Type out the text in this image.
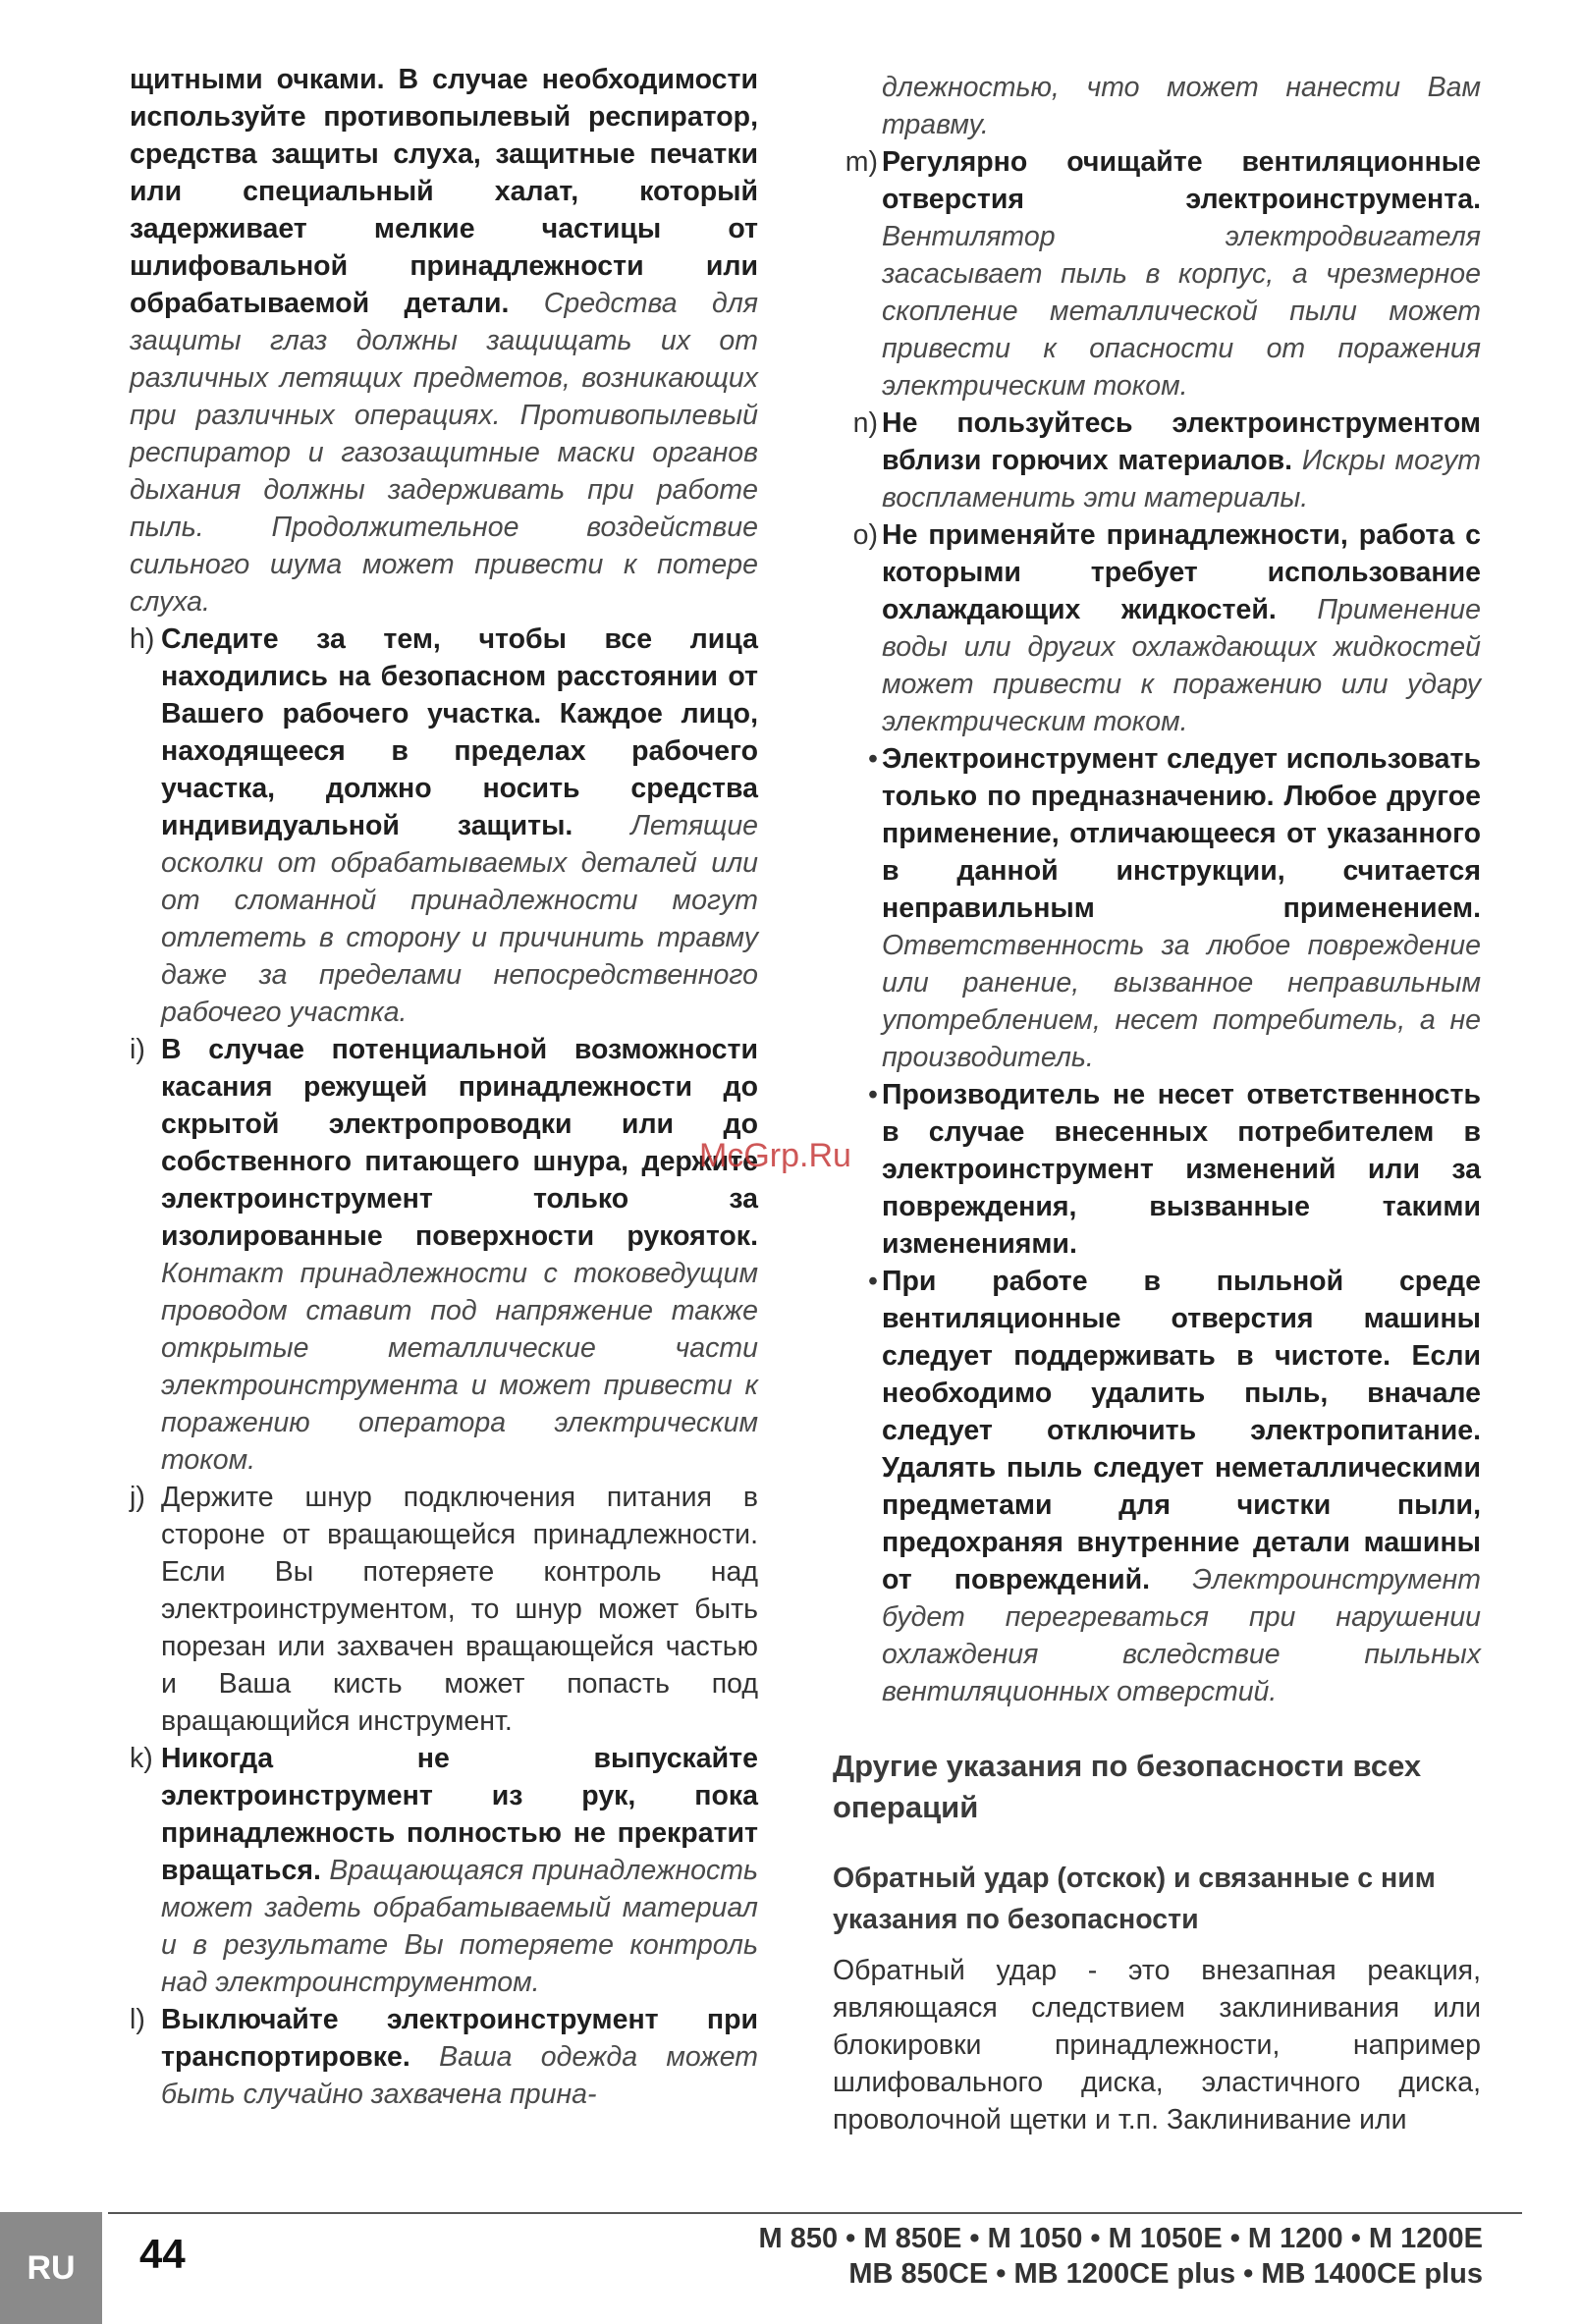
щитными очками. В случае необходимости используйте противопылевый респиратор, средства защиты слуха, защитные печатки или специальный халат, который задерживает мелкие частицы от шлифовальной принадлежности или обрабатываемой детали. Средства для защиты глаз должны защищать их от различных летящих предметов, возникающих при различных операциях. Противопылевый респиратор и газозащитные маски органов дыхания должны задерживать при работе пыль. Продолжительное воздействие сильного шума может привести к потере слуха.

h) Следите за тем, чтобы все лица находились на безопасном расстоянии от Вашего рабочего участка. Каждое лицо, находящееся в пределах рабочего участка, должно носить средства индивидуальной защиты. Летящие осколки от обрабатываемых деталей или от сломанной принадлежности могут отлететь в сторону и причинить травму даже за пределами непосредственного рабочего участка.

i) В случае потенциальной возможности касания режущей принадлежности до скрытой электропроводки или до собственного питающего шнура, держите электроинструмент только за изолированные поверхности рукояток. Контакт принадлежности с токоведущим проводом ставит под напряжение также открытые металлические части электроинструмента и может привести к поражению оператора электрическим током.

j) Держите шнур подключения питания в стороне от вращающейся принадлежности. Если Вы потеряете контроль над электроинструментом, то шнур может быть порезан или захвачен вращающейся частью и Ваша кисть может попасть под вращающийся инструмент.

k) Никогда не выпускайте электроинструмент из рук, пока принадлежность полностью не прекратит вращаться. Вращающаяся принадлежность может задеть обрабатываемый материал и в результате Вы потеряете контроль над электроинструментом.

l) Выключайте электроинструмент при транспортировке. Ваша одежда может быть случайно захвачена прина-

длежностью, что может нанести Вам травму.

m) Регулярно очищайте вентиляционные отверстия электроинструмента. Вентилятор электродвигателя засасывает пыль в корпус, а чрезмерное скопление металлической пыли может привести к опасности от поражения электрическим током.

n) Не пользуйтесь электроинструментом вблизи горючих материалов. Искры могут воспламенить эти материалы.

o) Не применяйте принадлежности, работа с которыми требует использование охлаждающих жидкостей. Применение воды или других охлаждающих жидкостей может привести к поражению или удару электрическим током.

• Электроинструмент следует использовать только по предназначению. Любое другое применение, отличающееся от указанного в данной инструкции, считается неправильным применением. Ответственность за любое повреждение или ранение, вызванное неправильным употреблением, несет потребитель, а не производитель.

• Производитель не несет ответственность в случае внесенных потребителем в электроинструмент изменений или за повреждения, вызванные такими изменениями.

• При работе в пыльной среде вентиляционные отверстия машины следует поддерживать в чистоте. Если необходимо удалить пыль, вначале следует отключить электропитание. Удалять пыль следует неметаллическими предметами для чистки пыли, предохраняя внутренние детали машины от повреждений. Электроинструмент будет перегреваться при нарушении охлаждения вследствие пыльных вентиляционных отверстий.

Другие указания по безопасности всех операций
Обратный удар (отскок) и связанные с ним указания по безопасности

Обратный удар - это внезапная реакция, являющаяся следствием заклинивания или блокировки принадлежности, например шлифовального диска, эластичного диска, проволочной щетки и т.п. Заклинивание или

McGrp.Ru
RU	44	M 850 • M 850E • M 1050 • M 1050E • M 1200 • M 1200E
MB 850CE • MB 1200CE plus • MB 1400CE plus
